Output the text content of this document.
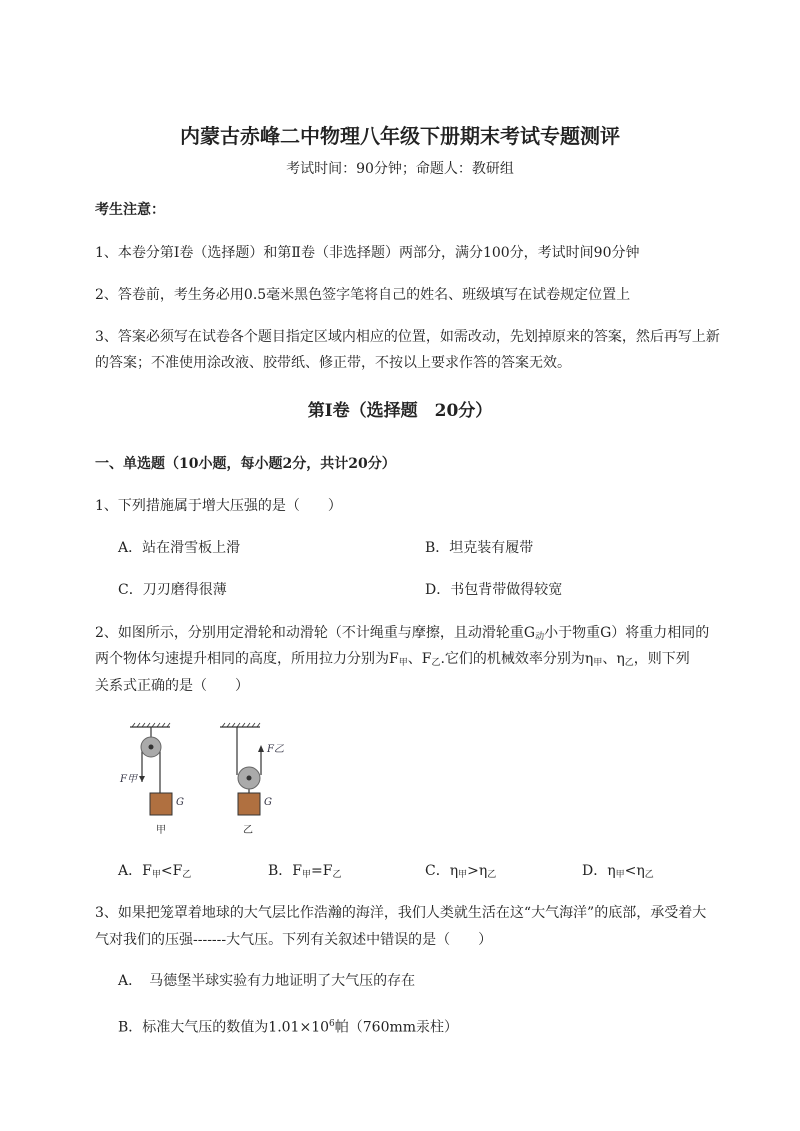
内蒙古赤峰二中物理八年级下册期末考试专题测评
考试时间：90分钟；命题人：教研组
考生注意：
1、本卷分第I卷（选择题）和第Ⅱ卷（非选择题）两部分，满分100分，考试时间90分钟
2、答卷前，考生务必用0.5毫米黑色签字笔将自己的姓名、班级填写在试卷规定位置上
3、答案必须写在试卷各个题目指定区域内相应的位置，如需改动，先划掉原来的答案，然后再写上新
的答案；不准使用涂改液、胶带纸、修正带，不按以上要求作答的答案无效。
第I卷（选择题　20分）
一、单选题（10小题，每小题2分，共计20分）
1、下列措施属于增大压强的是（　　）
A．站在滑雪板上滑	B．坦克装有履带
C．刀刃磨得很薄	D．书包背带做得较宽
2、如图所示，分别用定滑轮和动滑轮（不计绳重与摩擦，且动滑轮重$G_动$小于物重G）将重力相同的
两个物体匀速提升相同的高度，所用拉力分别为$F_甲$、$F_乙$.它们的机械效率分别为$\eta_甲$、$\eta_乙$，则下列
关系式正确的是（　　）
F甲
F乙
G	G
甲	乙
A．$F_甲<F_乙$	B．$F_甲=F_乙$	C．$\eta_甲>\eta_乙$	D．$\eta_甲<\eta_乙$
3、如果把笼罩着地球的大气层比作浩瀚的海洋，我们人类就生活在这“大气海洋”的底部，承受着大
气对我们的压强-------大气压。下列有关叙述中错误的是（　　）
A．　马德堡半球实验有力地证明了大气压的存在
B．标准大气压的数值为$1.01\times 10^6$帕（760mm汞柱）
